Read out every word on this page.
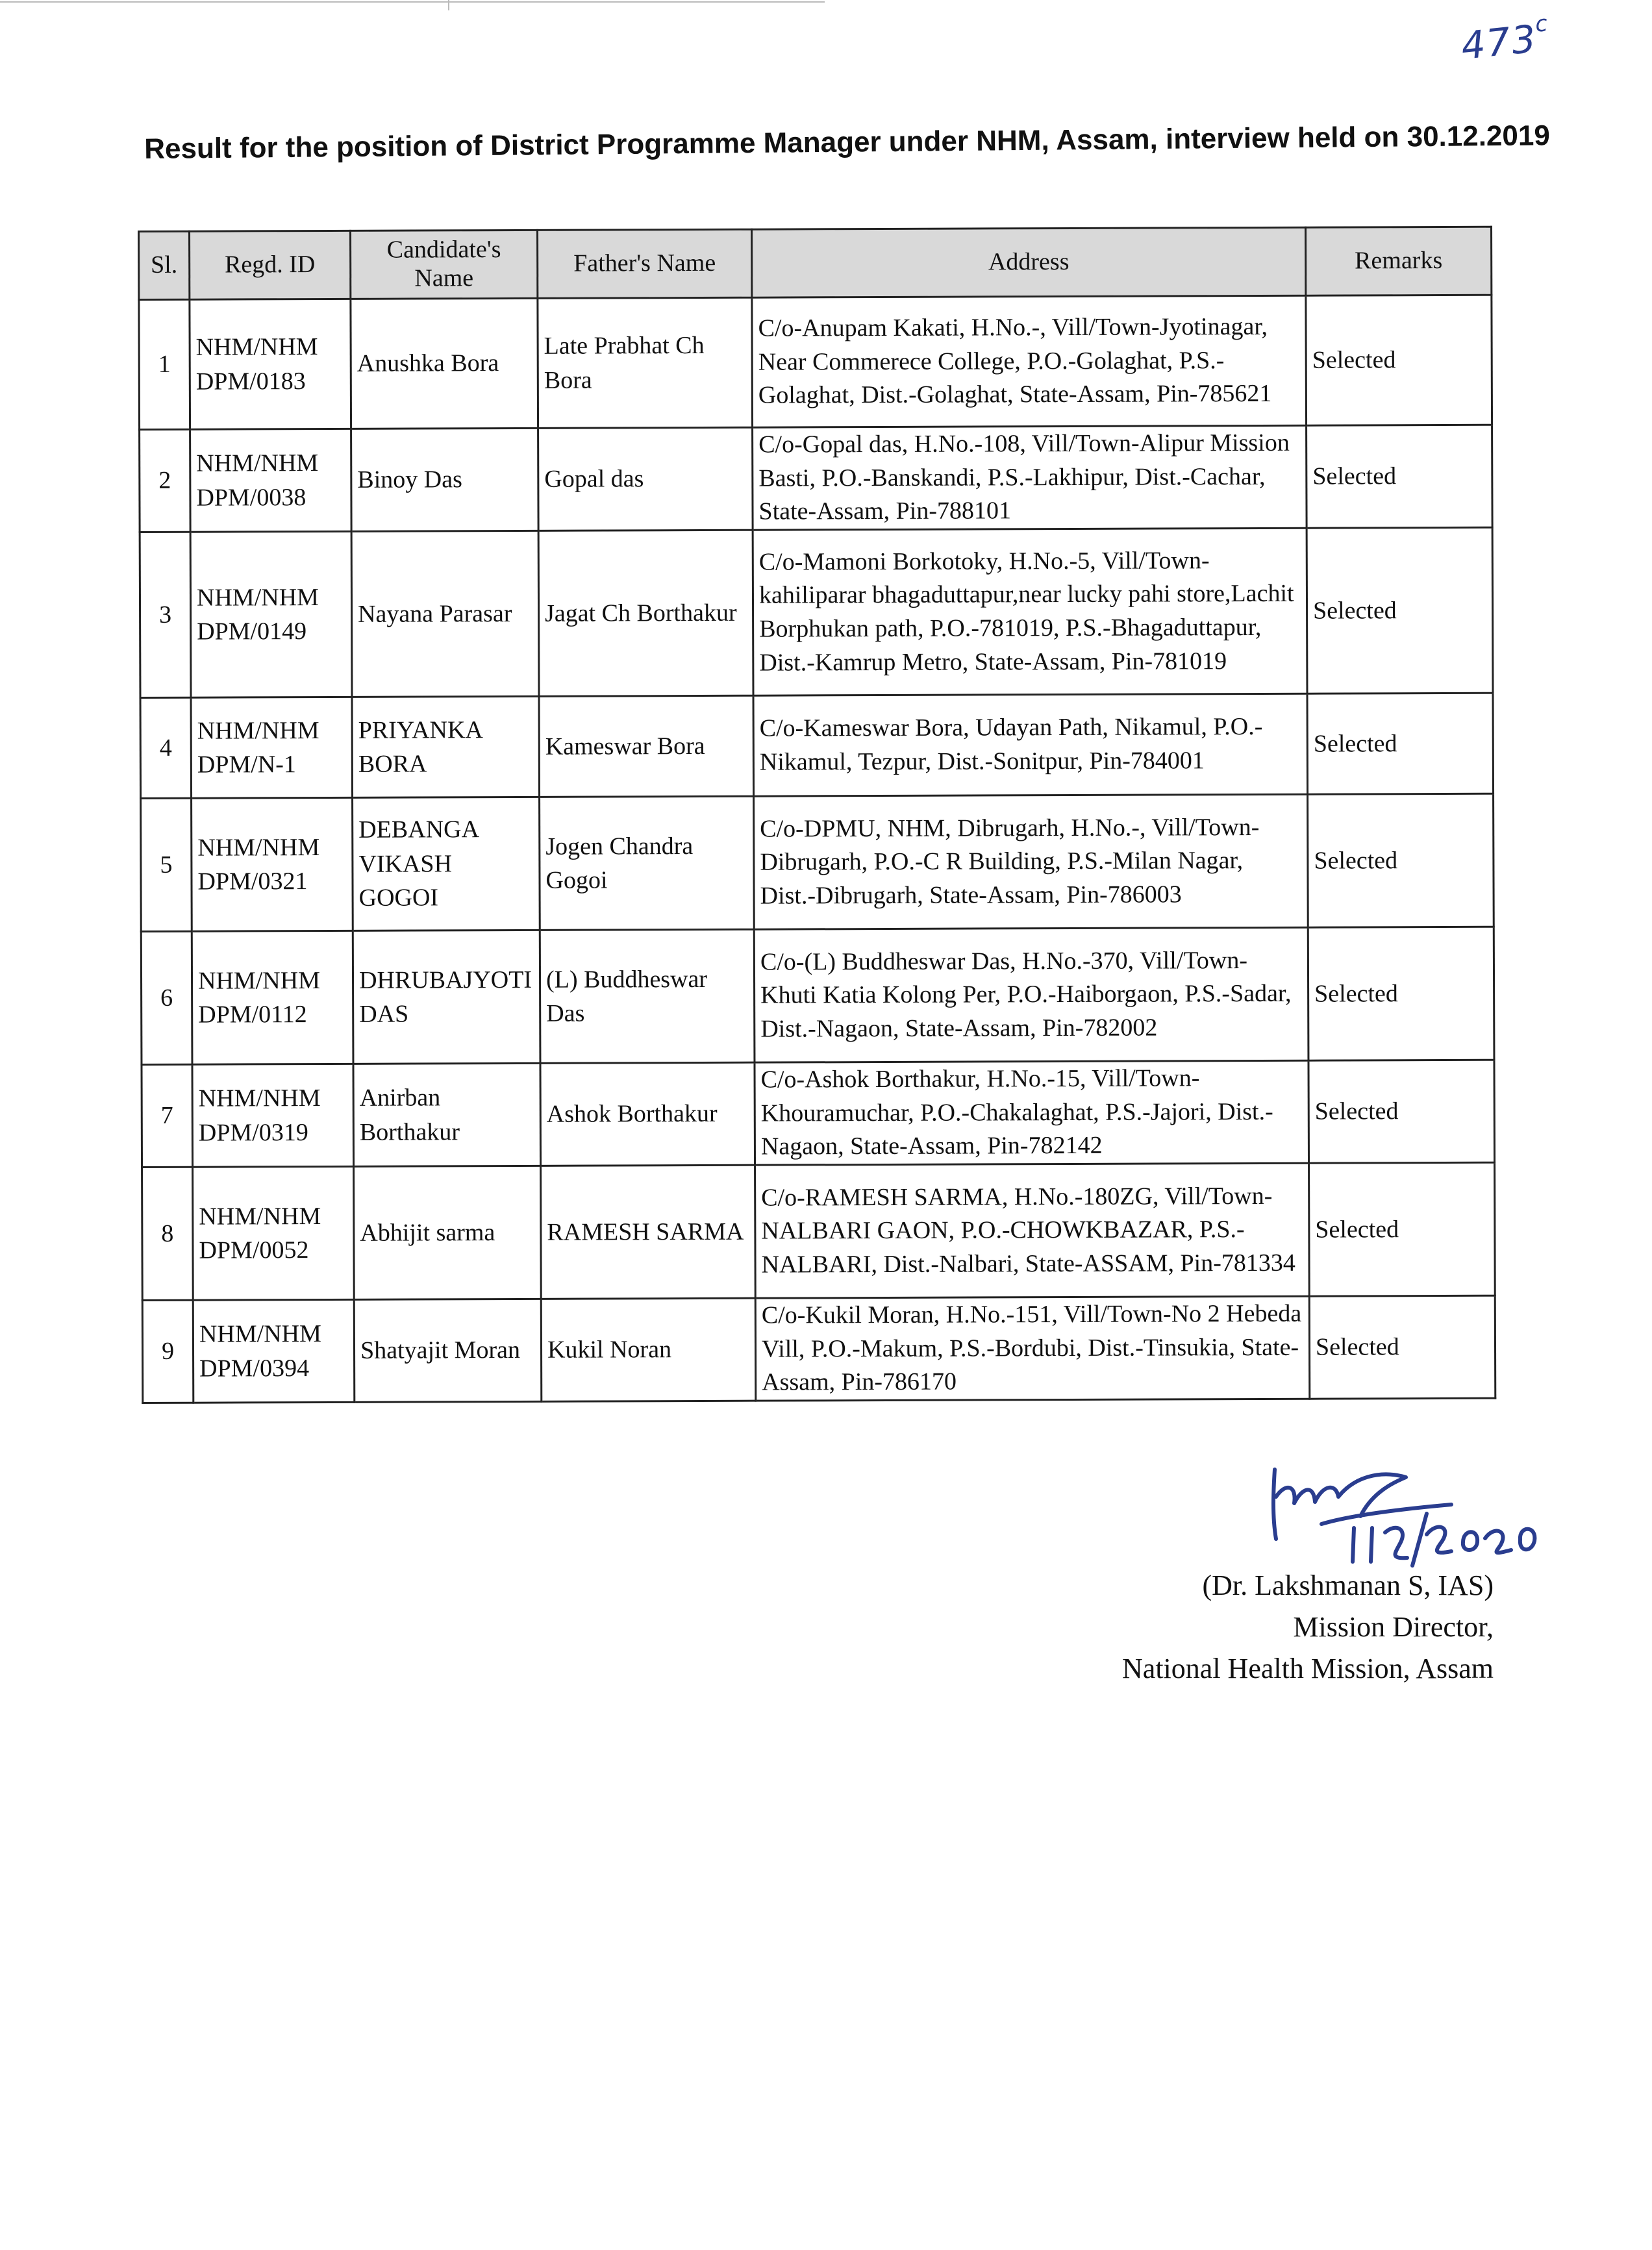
473$^c$
Result for the position of District Programme Manager under NHM, Assam, interview held on 30.12.2019
Sl.	Regd. ID	Candidate's Name	Father's Name	Address	Remarks
1	NHM/NHM DPM/0183	Anushka Bora	Late Prabhat Ch Bora	C/o-Anupam Kakati, H.No.-, Vill/Town-Jyotinagar, Near Commerece College, P.O.-Golaghat, P.S.-Golaghat, Dist.-Golaghat, State-Assam, Pin-785621	Selected
2	NHM/NHM DPM/0038	Binoy Das	Gopal das	C/o-Gopal das, H.No.-108, Vill/Town-Alipur Mission Basti, P.O.-Banskandi, P.S.-Lakhipur, Dist.-Cachar, State-Assam, Pin-788101	Selected
3	NHM/NHM DPM/0149	Nayana Parasar	Jagat Ch Borthakur	C/o-Mamoni Borkotoky, H.No.-5, Vill/Town-kahiliparar bhagaduttapur,near lucky pahi store,Lachit Borphukan path, P.O.-781019, P.S.-Bhagaduttapur, Dist.-Kamrup Metro, State-Assam, Pin-781019	Selected
4	NHM/NHM DPM/N-1	PRIYANKA BORA	Kameswar Bora	C/o-Kameswar Bora, Udayan Path, Nikamul, P.O.-Nikamul, Tezpur, Dist.-Sonitpur, Pin-784001	Selected
5	NHM/NHM DPM/0321	DEBANGA VIKASH GOGOI	Jogen Chandra Gogoi	C/o-DPMU, NHM, Dibrugarh, H.No.-, Vill/Town-Dibrugarh, P.O.-C R Building, P.S.-Milan Nagar, Dist.-Dibrugarh, State-Assam, Pin-786003	Selected
6	NHM/NHM DPM/0112	DHRUBAJYOTI DAS	(L) Buddheswar Das	C/o-(L) Buddheswar Das, H.No.-370, Vill/Town-Khuti Katia Kolong Per, P.O.-Haiborgaon, P.S.-Sadar, Dist.-Nagaon, State-Assam, Pin-782002	Selected
7	NHM/NHM DPM/0319	Anirban Borthakur	Ashok Borthakur	C/o-Ashok Borthakur, H.No.-15, Vill/Town-Khouramuchar, P.O.-Chakalaghat, P.S.-Jajori, Dist.-Nagaon, State-Assam, Pin-782142	Selected
8	NHM/NHM DPM/0052	Abhijit sarma	RAMESH SARMA	C/o-RAMESH SARMA, H.No.-180ZG, Vill/Town-NALBARI GAON, P.O.-CHOWKBAZAR, P.S.-NALBARI, Dist.-Nalbari, State-ASSAM, Pin-781334	Selected
9	NHM/NHM DPM/0394	Shatyajit Moran	Kukil Noran	C/o-Kukil Moran, H.No.-151, Vill/Town-No 2 Hebeda Vill, P.O.-Makum, P.S.-Bordubi, Dist.-Tinsukia, State-Assam, Pin-786170	Selected
(Dr. Lakshmanan S, IAS)
Mission Director,
National Health Mission, Assam
